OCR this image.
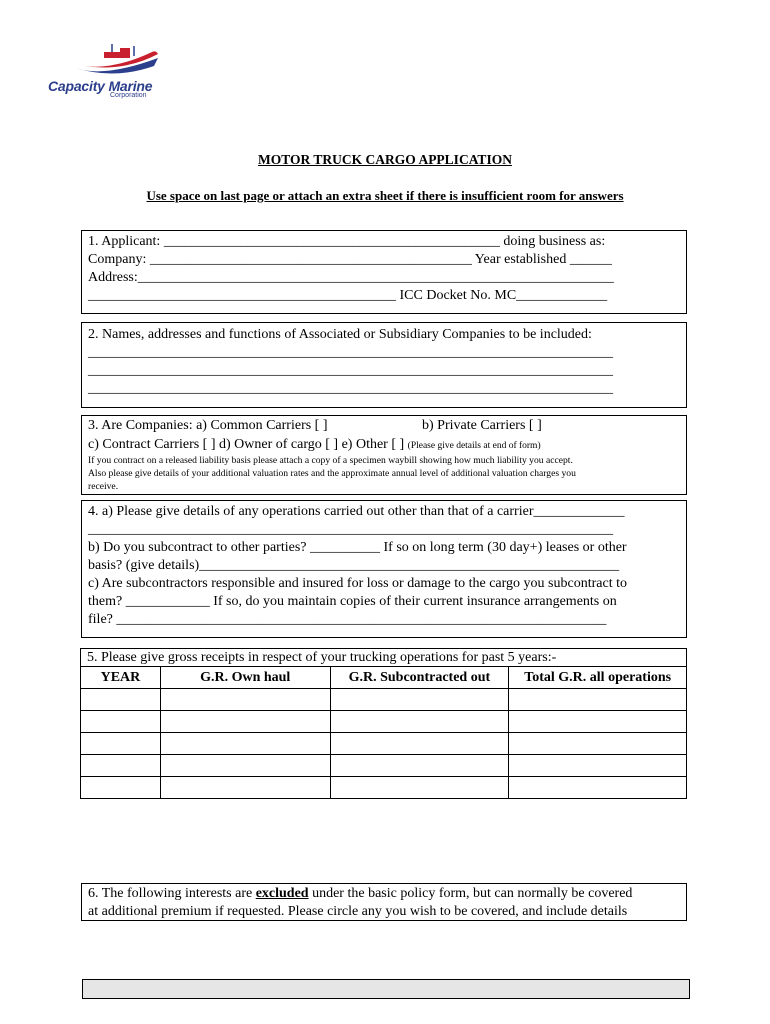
Capacity Marine
Corporation
MOTOR TRUCK CARGO APPLICATION
Use space on last page or attach an extra sheet if there is insufficient room for answers
1. Applicant: ________________________________________________ doing business as:
Company: ______________________________________________ Year established ______
Address:____________________________________________________________________
____________________________________________ ICC Docket No. MC_____________
2. Names, addresses and functions of Associated or Subsidiary Companies to be included:
___________________________________________________________________________
___________________________________________________________________________
___________________________________________________________________________
3. Are Companies: a) Common Carriers [ ]	b) Private Carriers [ ]
c) Contract Carriers [ ] d) Owner of cargo [ ] e) Other [ ] (Please give details at end of form)
If you contract on a released liability basis please attach a copy of a specimen waybill showing how much liability you accept.
Also please give details of your additional valuation rates and the approximate annual level of additional valuation charges you
receive.
4. a) Please give details of any operations carried out other than that of a carrier_____________
___________________________________________________________________________
b) Do you subcontract to other parties? __________ If so on long term (30 day+) leases or other
basis? (give details)____________________________________________________________
c) Are subcontractors responsible and insured for loss or damage to the cargo you subcontract to
them? ____________ If so, do you maintain copies of their current insurance arrangements on
file? ______________________________________________________________________
5. Please give gross receipts in respect of your trucking operations for past 5 years:-
YEAR	G.R. Own haul	G.R. Subcontracted out	Total G.R. all operations

6. The following interests are excluded under the basic policy form, but can normally be covered
at additional premium if requested. Please circle any you wish to be covered, and include details
